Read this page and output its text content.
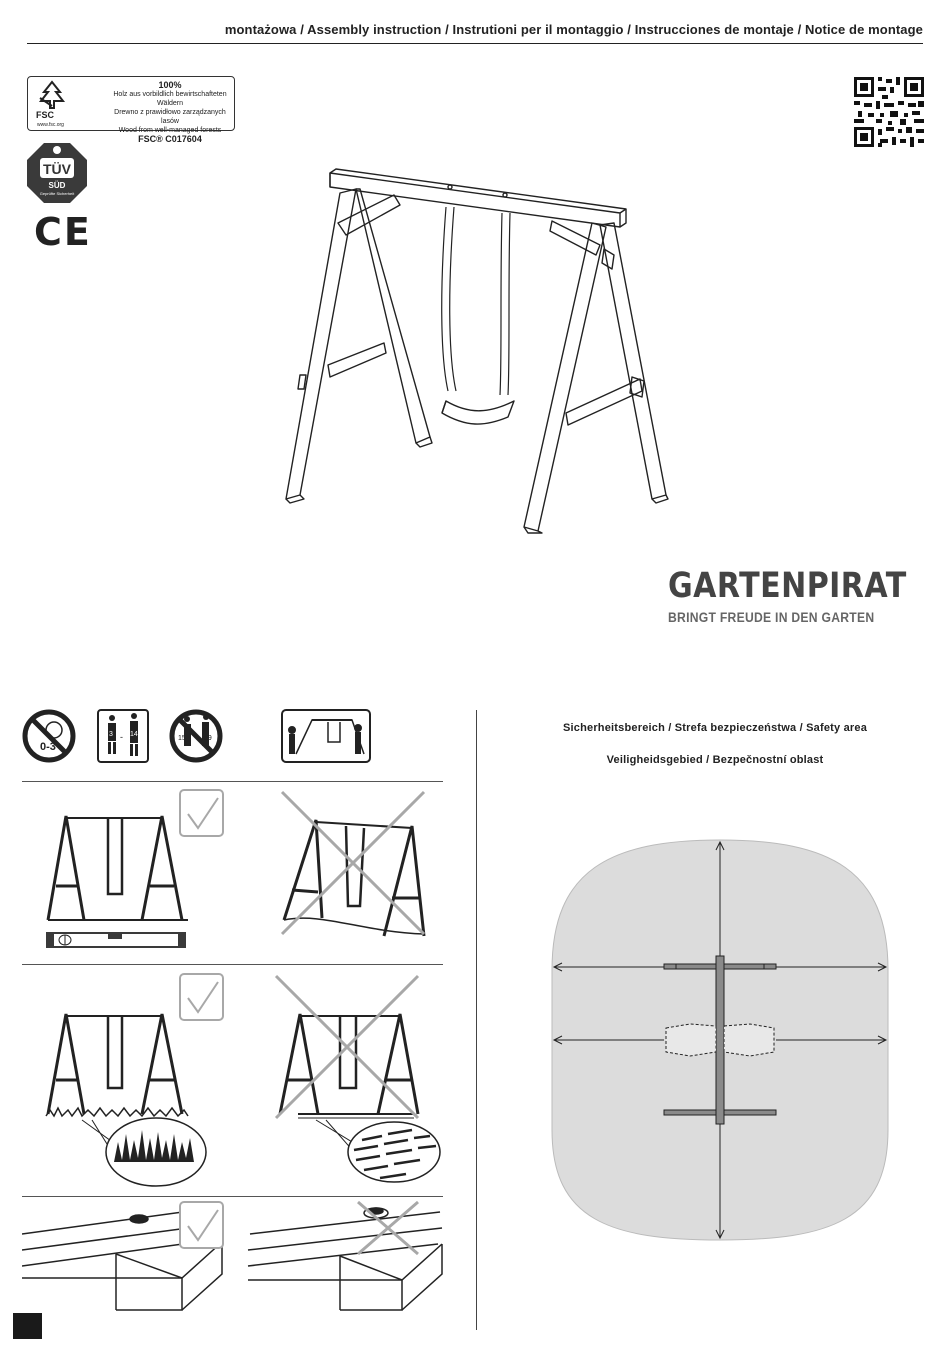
montażowa / Assembly instruction / Instrutioni per il montaggio / Instrucciones de montaje / Notice de montage
FSC
www.fsc.org
100%
Holz aus vorbildlich bewirtschafteten Wäldern
Drewno z prawidłowo zarządzanych lasów
Wood from well-managed forests
FSC® C017604
TÜV
SÜD
Geprüfte Sicherheit
CE
GARTENPIRAT
BRINGT FREUDE IN DEN GARTEN
0-3
3 - 14
15	59
Sicherheitsbereich / Strefa bezpieczeństwa / Safety area
Veiligheidsgebied / Bezpečnostní oblast
